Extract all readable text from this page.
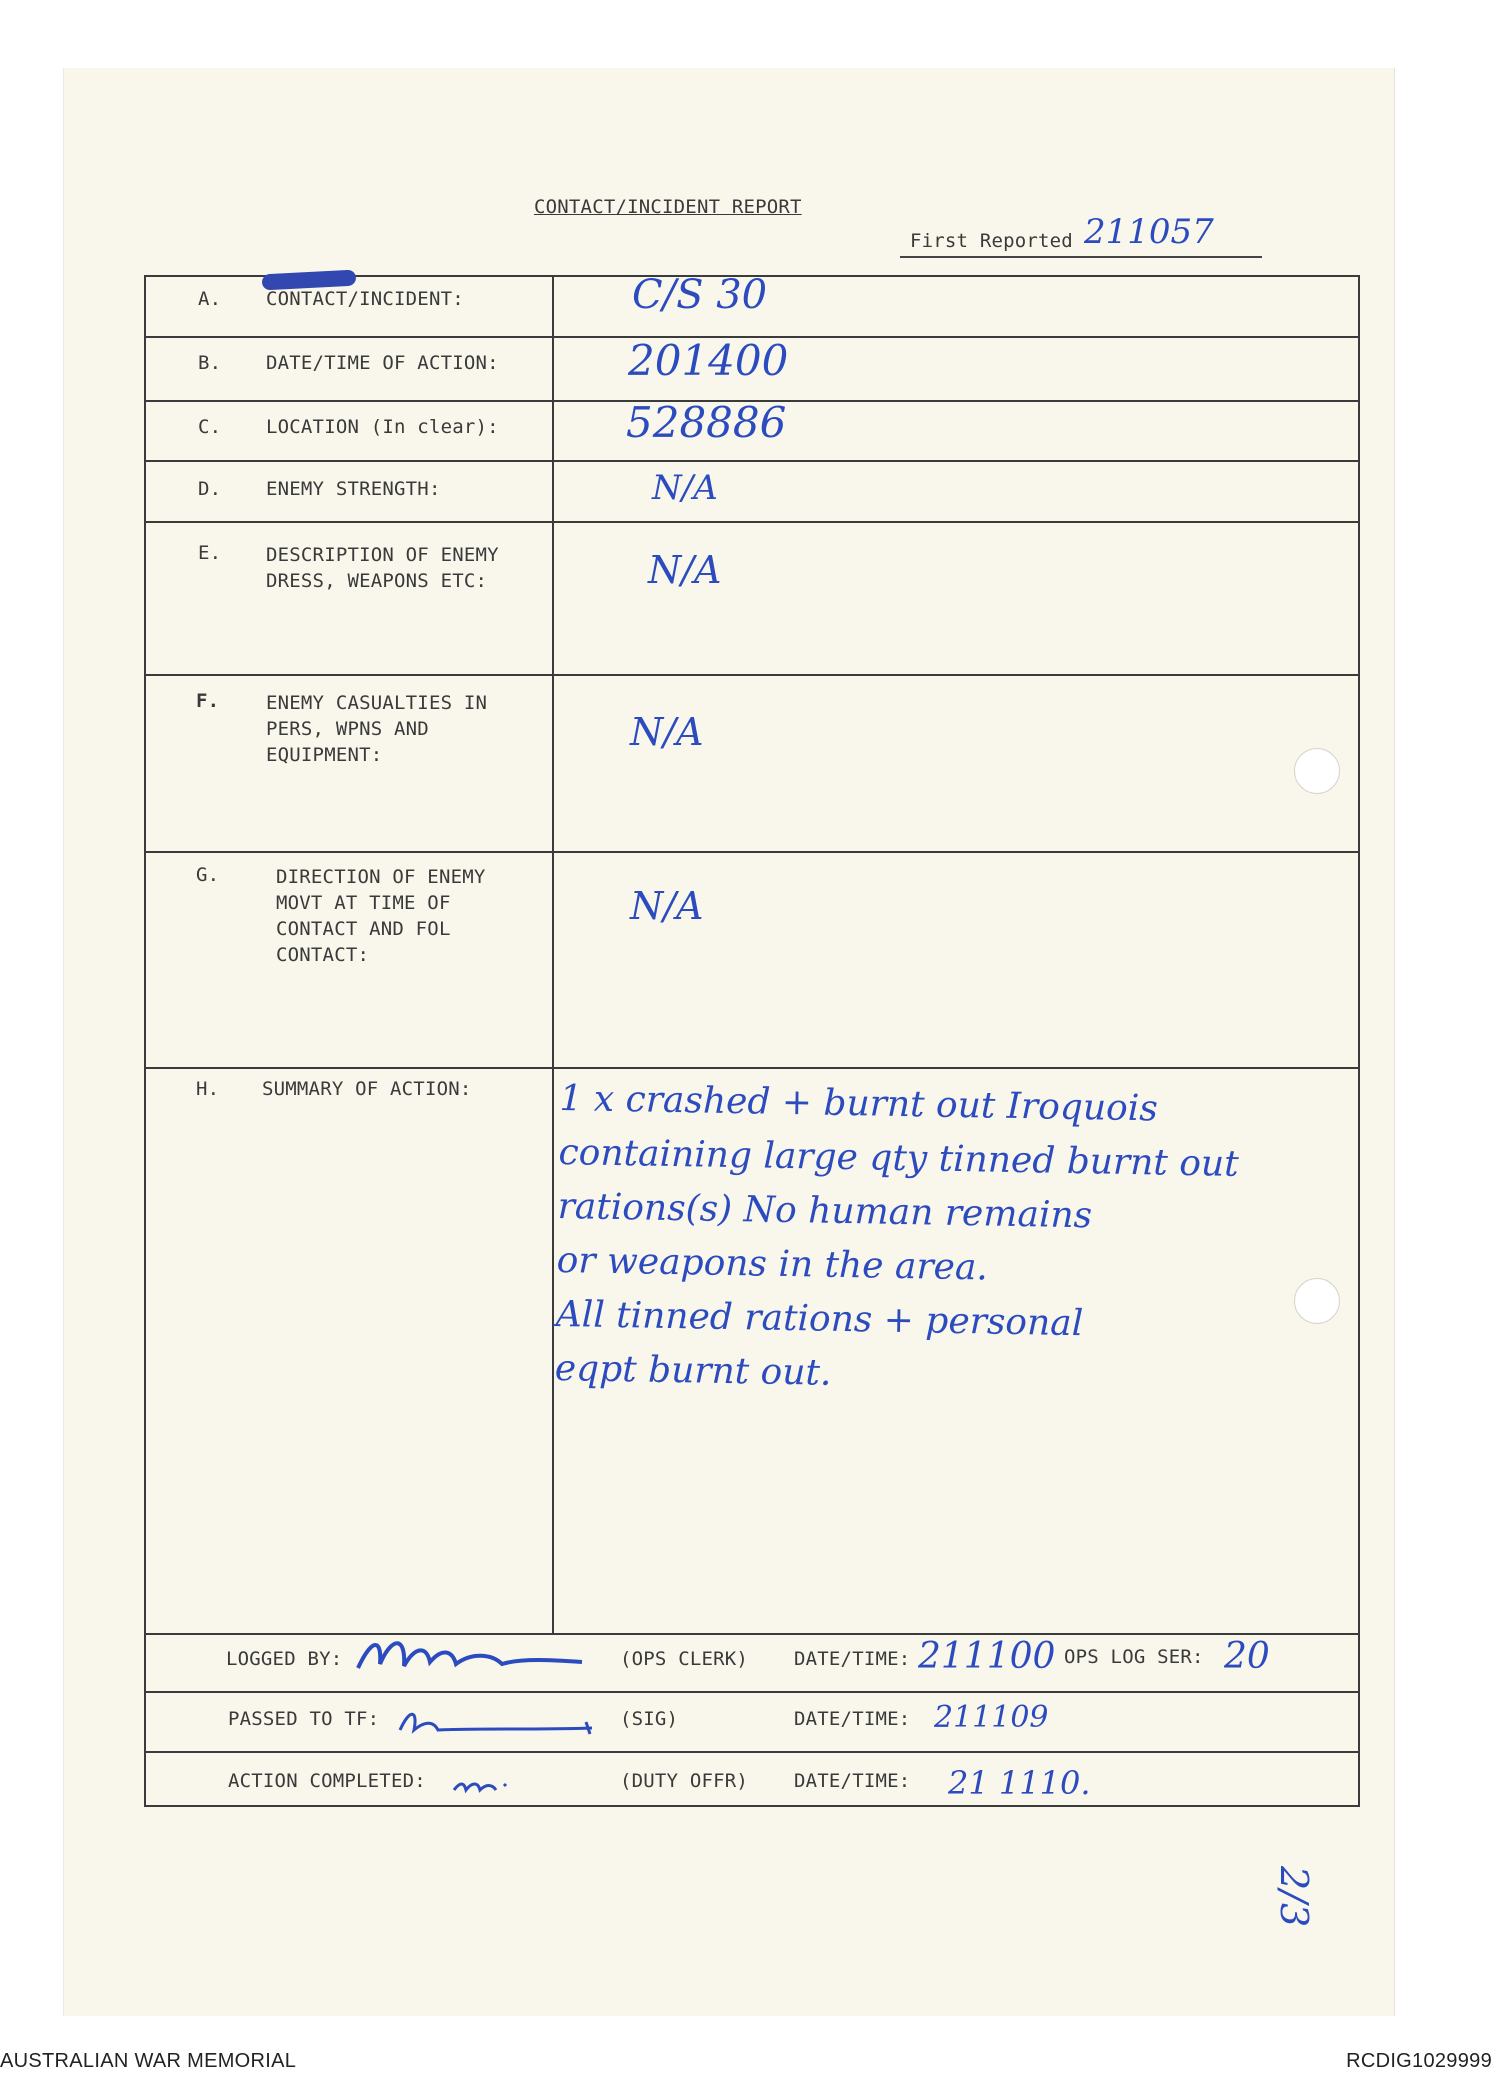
CONTACT/INCIDENT REPORT
First Reported 211057
A. CONTACT/INCIDENT:	C/S 30
B. DATE/TIME OF ACTION:	201400
C. LOCATION (In clear):	528886
D. ENEMY STRENGTH:	N/A
E. DESCRIPTION OF ENEMY
DRESS, WEAPONS ETC:	N/A
F. ENEMY CASUALTIES IN
PERS, WPNS AND
EQUIPMENT:
N/A
G.	DIRECTION OF ENEMY
MOVT AT TIME OF
CONTACT AND FOL
CONTACT:
N/A
H. SUMMARY OF ACTION: 1 x crashed + burnt out Iroquois
containing large qty tinned burnt out
rations(s) No human remains
or weapons in the area.
All tinned rations + personal
eqpt burnt out.
LOGGED BY:	(OPS CLERK) DATE/TIME: 211100 OPS LOG SER: 20
PASSED TO TF:	(SIG)	DATE/TIME: 211109
ACTION COMPLETED:	(DUTY OFFR) DATE/TIME: 21 1110.
2/3
AUSTRALIAN WAR MEMORIAL	RCDIG1029999
